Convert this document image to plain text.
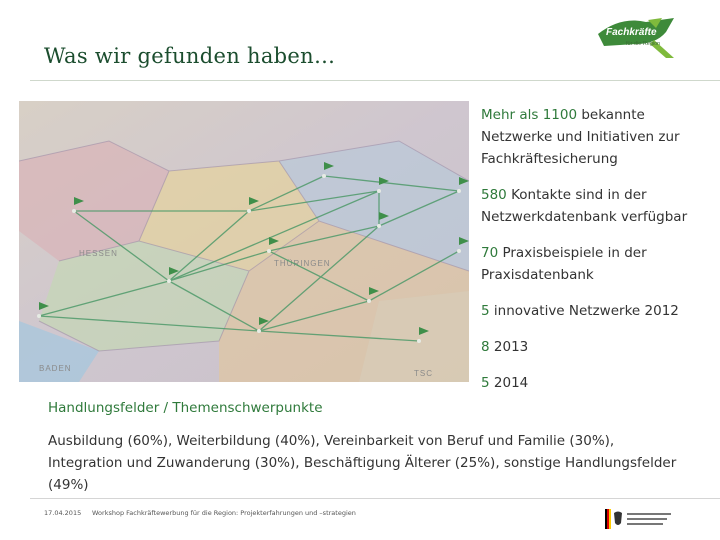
Was wir gefunden haben…
Fachkräfte
für die Region
HESSEN
THÜRINGEN
BADEN
TSC

Mehr als 1100 bekannte Netzwerke und Initiativen zur Fachkräftesicherung

580 Kontakte sind in der Netzwerkdatenbank verfügbar

70 Praxisbeispiele in der Praxisdatenbank

5 innovative Netzwerke 2012

8 2013

5 2014

Handlungsfelder / Themenschwerpunkte
Ausbildung (60%), Weiterbildung (40%), Vereinbarkeit von Beruf und Familie (30%), Integration und Zuwanderung (30%), Beschäftigung Älterer (25%), sonstige Handlungsfelder (49%)
17.04.2015 Workshop Fachkräftewerbung für die Region: Projekterfahrungen und –strategien
